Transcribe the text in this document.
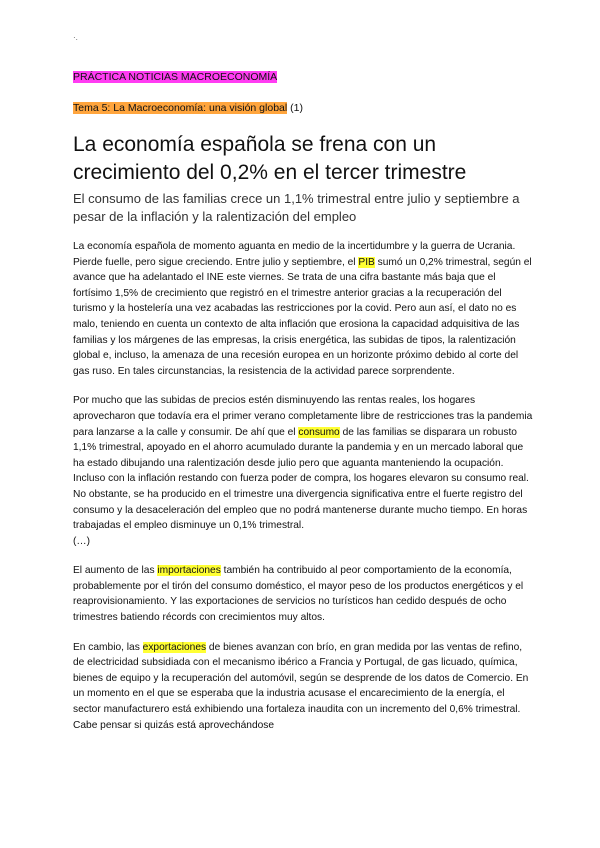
·.
PRÁCTICA NOTICIAS MACROECONOMÍA
Tema 5: La Macroeconomía: una visión global (1)
La economía española se frena con un crecimiento del 0,2% en el tercer trimestre

El consumo de las familias crece un 1,1% trimestral entre julio y septiembre a pesar de la inflación y la ralentización del empleo

La economía española de momento aguanta en medio de la incertidumbre y la guerra de Ucrania. Pierde fuelle, pero sigue creciendo. Entre julio y septiembre, el PIB sumó un 0,2% trimestral, según el avance que ha adelantado el INE este viernes. Se trata de una cifra bastante más baja que el fortísimo 1,5% de crecimiento que registró en el trimestre anterior gracias a la recuperación del turismo y la hostelería una vez acabadas las restricciones por la covid. Pero aun así, el dato no es malo, teniendo en cuenta un contexto de alta inflación que erosiona la capacidad adquisitiva de las familias y los márgenes de las empresas, la crisis energética, las subidas de tipos, la ralentización global e, incluso, la amenaza de una recesión europea en un horizonte próximo debido al corte del gas ruso. En tales circunstancias, la resistencia de la actividad parece sorprendente.

Por mucho que las subidas de precios estén disminuyendo las rentas reales, los hogares aprovecharon que todavía era el primer verano completamente libre de restricciones tras la pandemia para lanzarse a la calle y consumir. De ahí que el consumo de las familias se disparara un robusto 1,1% trimestral, apoyado en el ahorro acumulado durante la pandemia y en un mercado laboral que ha estado dibujando una ralentización desde julio pero que aguanta manteniendo la ocupación. Incluso con la inflación restando con fuerza poder de compra, los hogares elevaron su consumo real. No obstante, se ha producido en el trimestre una divergencia significativa entre el fuerte registro del consumo y la desaceleración del empleo que no podrá mantenerse durante mucho tiempo. En horas trabajadas el empleo disminuye un 0,1% trimestral.

(…)

El aumento de las importaciones también ha contribuido al peor comportamiento de la economía, probablemente por el tirón del consumo doméstico, el mayor peso de los productos energéticos y el reaprovisionamiento. Y las exportaciones de servicios no turísticos han cedido después de ocho trimestres batiendo récords con crecimientos muy altos.

En cambio, las exportaciones de bienes avanzan con brío, en gran medida por las ventas de refino, de electricidad subsidiada con el mecanismo ibérico a Francia y Portugal, de gas licuado, química, bienes de equipo y la recuperación del automóvil, según se desprende de los datos de Comercio. En un momento en el que se esperaba que la industria acusase el encarecimiento de la energía, el sector manufacturero está exhibiendo una fortaleza inaudita con un incremento del 0,6% trimestral. Cabe pensar si quizás está aprovechándose
